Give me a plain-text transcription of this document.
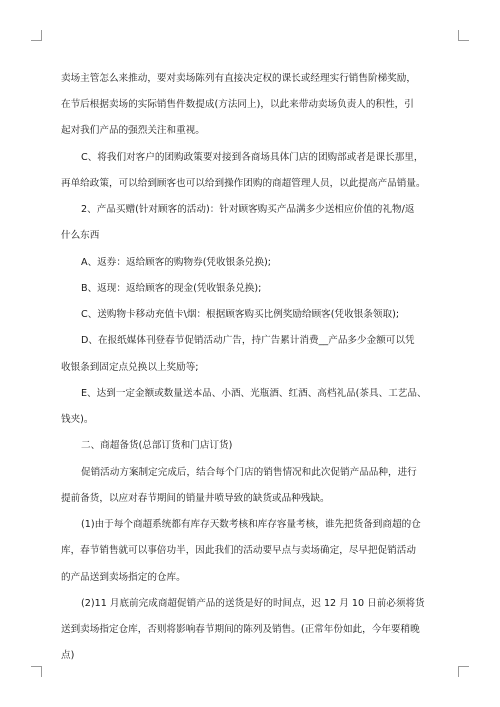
卖场主管怎么来推动，要对卖场陈列有直接决定权的课长或经理实行销售阶梯奖励，
在节后根据卖场的实际销售件数提成(方法同上)，以此来带动卖场负责人的积性，引
起对我们产品的强烈关注和重视。
C、将我们对客户的团购政策要对接到各商场具体门店的团购部或者是课长那里，
再单给政策，可以给到顾客也可以给到操作团购的商超管理人员，以此提高产品销量。
2、产品买赠(针对顾客的活动)：针对顾客购买产品满多少送相应价值的礼物/返
什么东西
A、返券：返给顾客的购物券(凭收银条兑换);
B、返现：返给顾客的现金(凭收银条兑换);
C、送购物卡移动充值卡\烟：根据顾客购买比例奖励给顾客(凭收银条领取);
D、在报纸媒体刊登春节促销活动广告，持广告累计消费__产品多少金额可以凭
收银条到固定点兑换以上奖励等;
E、达到一定金额或数量送本品、小酒、光瓶酒、红酒、高档礼品(茶具、工艺品、
钱夹)。
二、商超备货(总部订货和门店订货)
促销活动方案制定完成后，结合每个门店的销售情况和此次促销产品品种，进行
提前备货，以应对春节期间的销量井喷导致的缺货或品种残缺。
(1)由于每个商超系统都有库存天数考核和库存容量考核，谁先把货备到商超的仓
库，春节销售就可以事倍功半，因此我们的活动要早点与卖场确定，尽早把促销活动
的产品送到卖场指定的仓库。
(2)11 月底前完成商超促销产品的送货是好的时间点，迟 12 月 10 日前必须将货
送到卖场指定仓库，否则将影响春节期间的陈列及销售。(正常年份如此，今年要稍晚
点)
